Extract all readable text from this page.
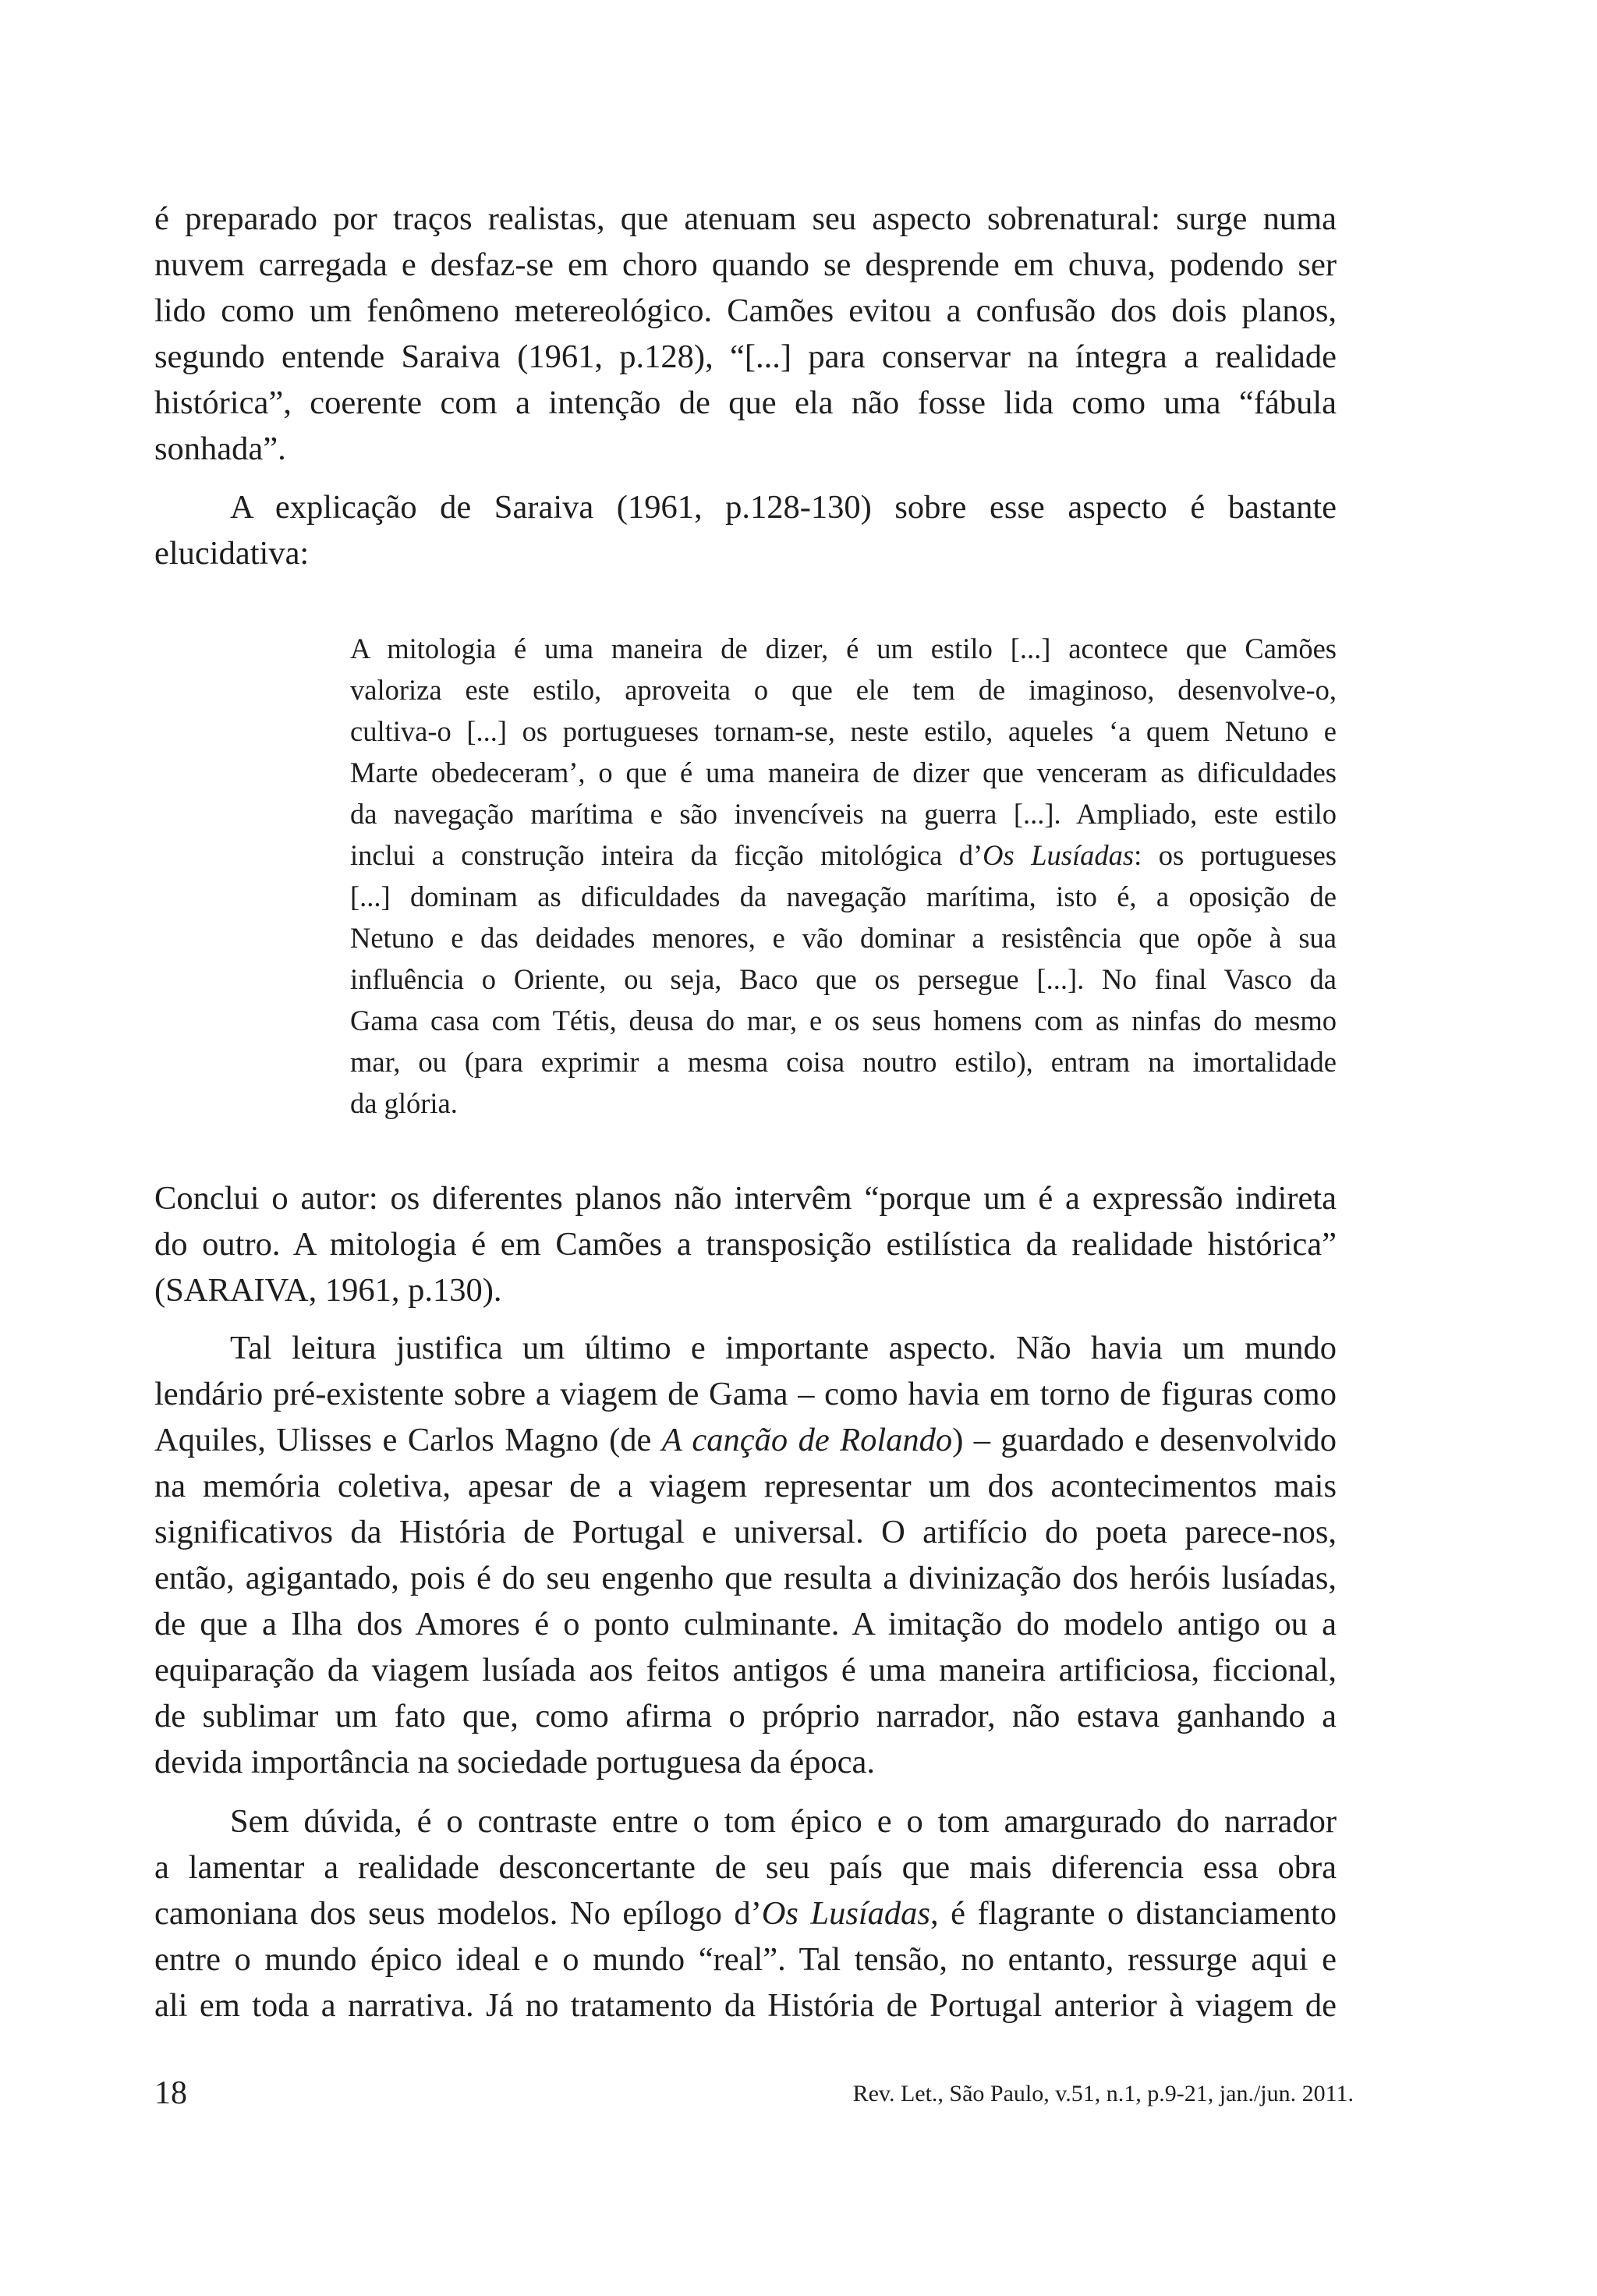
é preparado por traços realistas, que atenuam seu aspecto sobrenatural: surge numa

nuvem carregada e desfaz-se em choro quando se desprende em chuva, podendo ser

lido como um fenômeno metereológico. Camões evitou a confusão dos dois planos,

segundo entende Saraiva (1961, p.128), “[...] para conservar na íntegra a realidade

histórica”, coerente com a intenção de que ela não fosse lida como uma “fábula

sonhada”.

A explicação de Saraiva (1961, p.128-130) sobre esse aspecto é bastante

elucidativa:

A mitologia é uma maneira de dizer, é um estilo [...] acontece que Camões

valoriza este estilo, aproveita o que ele tem de imaginoso, desenvolve-o,

cultiva-o [...] os portugueses tornam-se, neste estilo, aqueles ‘a quem Netuno e

Marte obedeceram’, o que é uma maneira de dizer que venceram as dificuldades

da navegação marítima e são invencíveis na guerra [...]. Ampliado, este estilo

inclui a construção inteira da ficção mitológica d’Os Lusíadas: os portugueses

[...] dominam as dificuldades da navegação marítima, isto é, a oposição de

Netuno e das deidades menores, e vão dominar a resistência que opõe à sua

influência o Oriente, ou seja, Baco que os persegue [...]. No final Vasco da

Gama casa com Tétis, deusa do mar, e os seus homens com as ninfas do mesmo

mar, ou (para exprimir a mesma coisa noutro estilo), entram na imortalidade

da glória.

Conclui o autor: os diferentes planos não intervêm “porque um é a expressão indireta

do outro. A mitologia é em Camões a transposição estilística da realidade histórica”

(SARAIVA, 1961, p.130).

Tal leitura justifica um último e importante aspecto. Não havia um mundo

lendário pré-existente sobre a viagem de Gama – como havia em torno de figuras como

Aquiles, Ulisses e Carlos Magno (de A canção de Rolando) – guardado e desenvolvido

na memória coletiva, apesar de a viagem representar um dos acontecimentos mais

significativos da História de Portugal e universal. O artifício do poeta parece-nos,

então, agigantado, pois é do seu engenho que resulta a divinização dos heróis lusíadas,

de que a Ilha dos Amores é o ponto culminante. A imitação do modelo antigo ou a

equiparação da viagem lusíada aos feitos antigos é uma maneira artificiosa, ficcional,

de sublimar um fato que, como afirma o próprio narrador, não estava ganhando a

devida importância na sociedade portuguesa da época.

Sem dúvida, é o contraste entre o tom épico e o tom amargurado do narrador

a lamentar a realidade desconcertante de seu país que mais diferencia essa obra

camoniana dos seus modelos. No epílogo d’Os Lusíadas, é flagrante o distanciamento

entre o mundo épico ideal e o mundo “real”. Tal tensão, no entanto, ressurge aqui e

ali em toda a narrativa. Já no tratamento da História de Portugal anterior à viagem de

18	Rev. Let., São Paulo, v.51, n.1, p.9-21, jan./jun. 2011.
